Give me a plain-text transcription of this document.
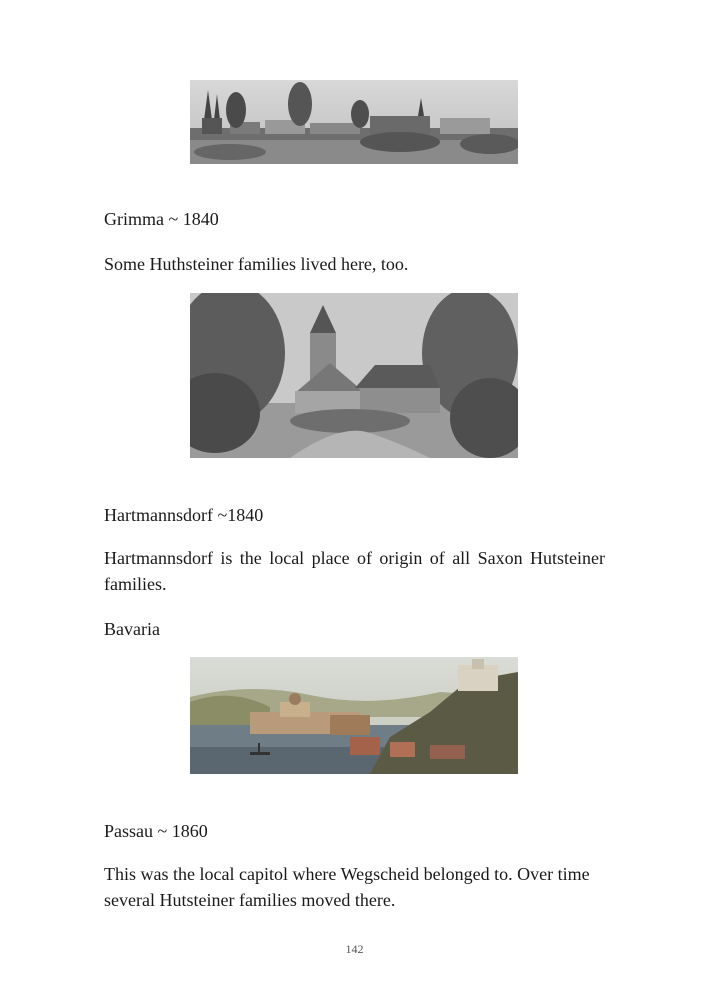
Grimma ~ 1840

Some Huthsteiner families lived here, too.

Hartmannsdorf ~1840

Hartmannsdorf is the local place of origin of all Saxon Hutsteiner families.

Bavaria

Passau ~ 1860

This was the local capitol where Wegscheid belonged to. Over time several Hutsteiner families moved there.

142
